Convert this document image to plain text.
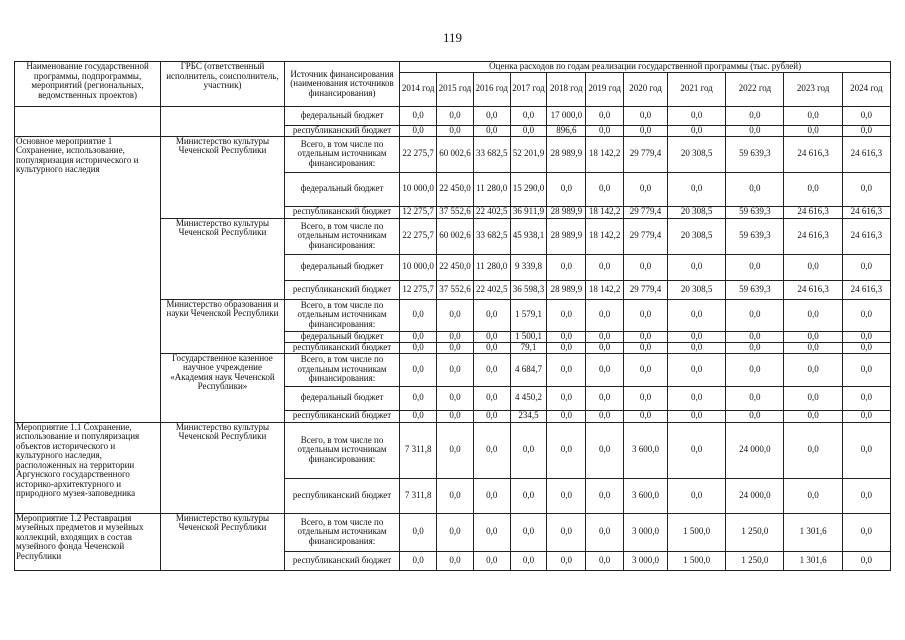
119
Наименование государственной программы, подпрограммы, мероприятий (региональных, ведомственных проектов)	ГРБС (ответственный исполнитель, соисполнитель, участник)	Источник финансирования (наименования источников финансирования)	Оценка расходов по годам реализации государственной программы (тыс. рублей)										
			2014 год	2015 год	2016 год	2017 год	2018 год	2019 год	2020 год	2021 год	2022 год	2023 год	2024 год
		федеральный бюджет	0,0	0,0	0,0	0,0	17 000,0	0,0	0,0	0,0	0,0	0,0	0,0
		республиканский бюджет	0,0	0,0	0,0	0,0	896,6	0,0	0,0	0,0	0,0	0,0	0,0
Основное мероприятие 1 Сохранение, использование, популяризация исторического и культурного наследия	Министерство культуры Чеченской Республики	Всего, в том числе по отдельным источникам финансирования:	22 275,7	60 002,6	33 682,5	52 201,9	28 989,9	18 142,2	29 779,4	20 308,5	59 639,3	24 616,3	24 616,3
		федеральный бюджет	10 000,0	22 450,0	11 280,0	15 290,0	0,0	0,0	0,0	0,0	0,0	0,0	0,0
		республиканский бюджет	12 275,7	37 552,6	22 402,5	36 911,9	28 989,9	18 142,2	29 779,4	20 308,5	59 639,3	24 616,3	24 616,3
	Министерство культуры Чеченской Республики	Всего, в том числе по отдельным источникам финансирования:	22 275,7	60 002,6	33 682,5	45 938,1	28 989,9	18 142,2	29 779,4	20 308,5	59 639,3	24 616,3	24 616,3
		федеральный бюджет	10 000,0	22 450,0	11 280,0	9 339,8	0,0	0,0	0,0	0,0	0,0	0,0	0,0
		республиканский бюджет	12 275,7	37 552,6	22 402,5	36 598,3	28 989,9	18 142,2	29 779,4	20 308,5	59 639,3	24 616,3	24 616,3
	Министерство образования и науки Чеченской Республики	Всего, в том числе по отдельным источникам финансирования:	0,0	0,0	0,0	1 579,1	0,0	0,0	0,0	0,0	0,0	0,0	0,0
		федеральный бюджет	0,0	0,0	0,0	1 500,1	0,0	0,0	0,0	0,0	0,0	0,0	0,0
		республиканский бюджет	0,0	0,0	0,0	79,1	0,0	0,0	0,0	0,0	0,0	0,0	0,0
	Государственное казенное научное учреждение «Академия наук Чеченской Республики»	Всего, в том числе по отдельным источникам финансирования:	0,0	0,0	0,0	4 684,7	0,0	0,0	0,0	0,0	0,0	0,0	0,0
		федеральный бюджет	0,0	0,0	0,0	4 450,2	0,0	0,0	0,0	0,0	0,0	0,0	0,0
		республиканский бюджет	0,0	0,0	0,0	234,5	0,0	0,0	0,0	0,0	0,0	0,0	0,0
Мероприятие 1.1 Сохранение, использование и популяризация объектов исторического и культурного наследия, расположенных на территории Аргунского государственного историко-архитектурного и природного музея-заповедника	Министерство культуры Чеченской Республики	Всего, в том числе по отдельным источникам финансирования:	7 311,8	0,0	0,0	0,0	0,0	0,0	3 600,0	0,0	24 000,0	0,0	0,0
		республиканский бюджет	7 311,8	0,0	0,0	0,0	0,0	0,0	3 600,0	0,0	24 000,0	0,0	0,0
Мероприятие 1.2 Реставрация музейных предметов и музейных коллекций, входящих в состав музейного фонда Чеченской Республики	Министерство культуры Чеченской Республики	Всего, в том числе по отдельным источникам финансирования:	0,0	0,0	0,0	0,0	0,0	0,0	3 000,0	1 500,0	1 250,0	1 301,6	0,0
		республиканский бюджет	0,0	0,0	0,0	0,0	0,0	0,0	3 000,0	1 500,0	1 250,0	1 301,6	0,0
